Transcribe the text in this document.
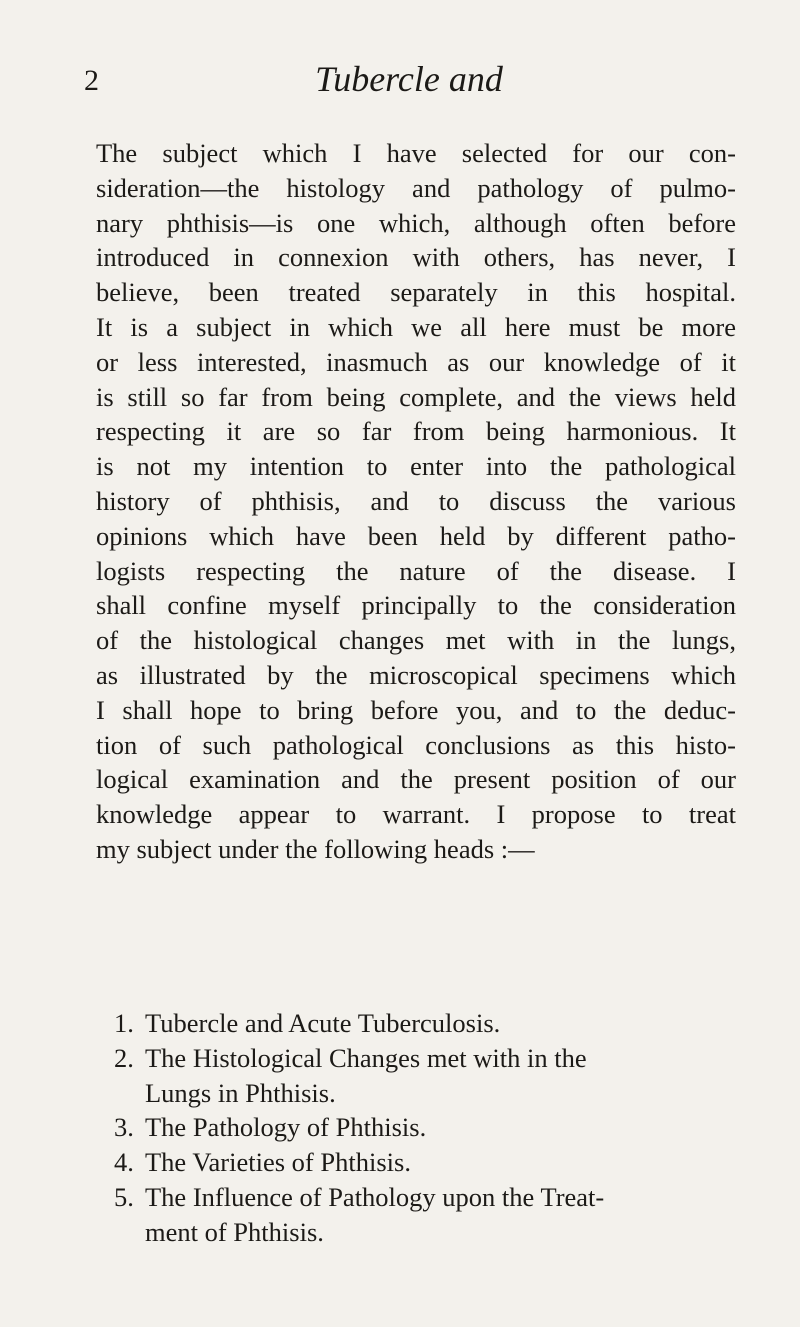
2	Tubercle and
The subject which I have selected for our con-
sideration—the histology and pathology of pulmo-
nary phthisis—is one which, although often before
introduced in connexion with others, has never, I
believe, been treated separately in this hospital.
It is a subject in which we all here must be more
or less interested, inasmuch as our knowledge of it
is still so far from being complete, and the views held
respecting it are so far from being harmonious. It
is not my intention to enter into the pathological
history of phthisis, and to discuss the various
opinions which have been held by different patho-
logists respecting the nature of the disease. I
shall confine myself principally to the consideration
of the histological changes met with in the lungs,
as illustrated by the microscopical specimens which
I shall hope to bring before you, and to the deduc-
tion of such pathological conclusions as this histo-
logical examination and the present position of our
knowledge appear to warrant. I propose to treat
my subject under the following heads :—
1. Tubercle and Acute Tuberculosis.
2. The Histological Changes met with in the
Lungs in Phthisis.
3. The Pathology of Phthisis.
4. The Varieties of Phthisis.
5. The Influence of Pathology upon the Treat-
ment of Phthisis.
